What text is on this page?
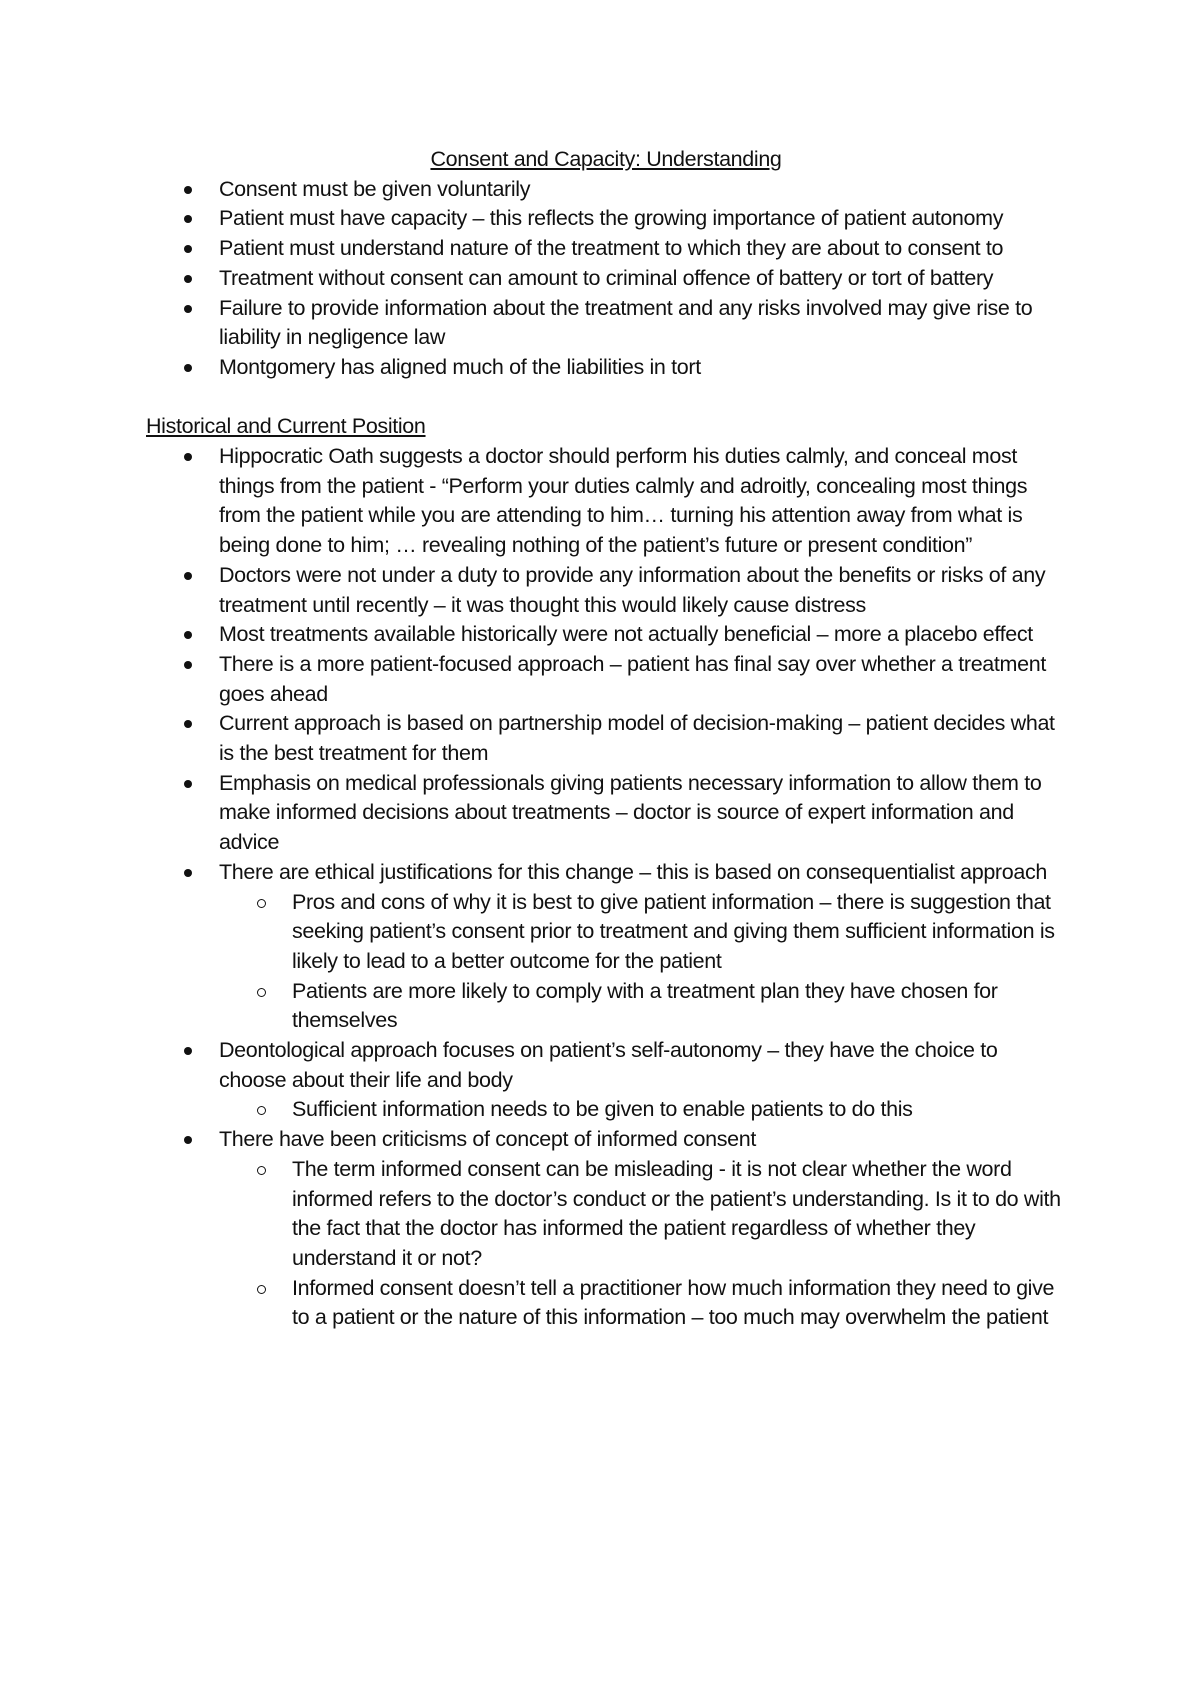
Consent and Capacity: Understanding

Consent must be given voluntarily
Patient must have capacity – this reflects the growing importance of patient autonomy
Patient must understand nature of the treatment to which they are about to consent to
Treatment without consent can amount to criminal offence of battery or tort of battery
Failure to provide information about the treatment and any risks involved may give rise to liability in negligence law
Montgomery has aligned much of the liabilities in tort

Historical and Current Position

Hippocratic Oath suggests a doctor should perform his duties calmly, and conceal most things from the patient - “Perform your duties calmly and adroitly, concealing most things from the patient while you are attending to him… turning his attention away from what is being done to him; … revealing nothing of the patient’s future or present condition”
Doctors were not under a duty to provide any information about the benefits or risks of any treatment until recently – it was thought this would likely cause distress
Most treatments available historically were not actually beneficial – more a placebo effect
There is a more patient-focused approach – patient has final say over whether a treatment goes ahead
Current approach is based on partnership model of decision-making – patient decides what is the best treatment for them
Emphasis on medical professionals giving patients necessary information to allow them to make informed decisions about treatments – doctor is source of expert information and advice
There are ethical justifications for this change – this is based on consequentialist approach
Pros and cons of why it is best to give patient information – there is suggestion that seeking patient’s consent prior to treatment and giving them sufficient information is likely to lead to a better outcome for the patient
Patients are more likely to comply with a treatment plan they have chosen for themselves
Deontological approach focuses on patient’s self-autonomy – they have the choice to choose about their life and body
Sufficient information needs to be given to enable patients to do this
There have been criticisms of concept of informed consent
The term informed consent can be misleading - it is not clear whether the word informed refers to the doctor’s conduct or the patient’s understanding. Is it to do with the fact that the doctor has informed the patient regardless of whether they understand it or not?
Informed consent doesn’t tell a practitioner how much information they need to give to a patient or the nature of this information – too much may overwhelm the patient
